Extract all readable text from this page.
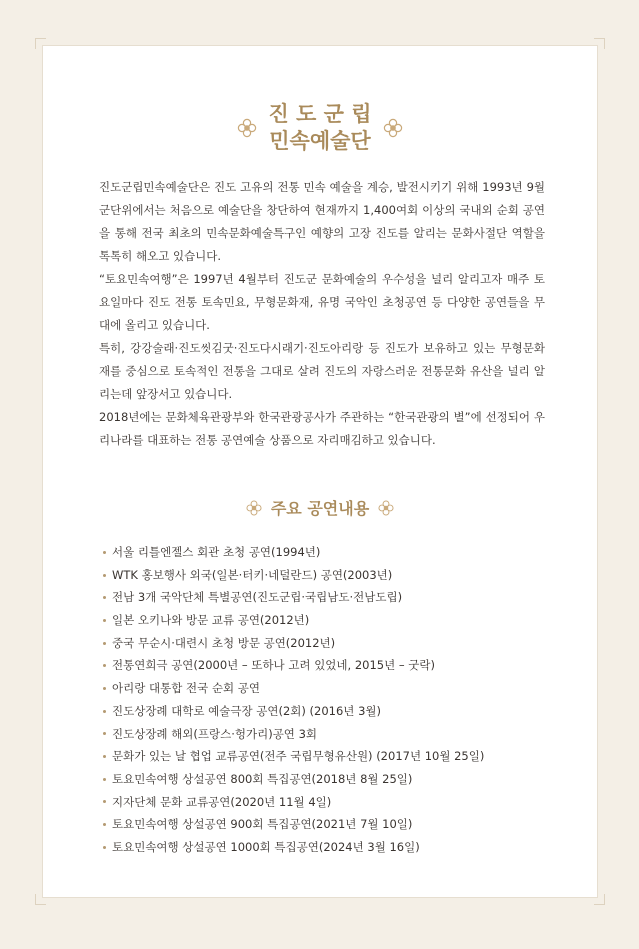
진 도 군 립
민속예술단

진도군립민속예술단은 진도 고유의 전통 민속 예술을 계승, 발전시키기 위해 1993년 9월 군단위에서는 처음으로 예술단을 창단하여 현재까지 1,400여회 이상의 국내외 순회 공연을 통해 전국 최초의 민속문화예술특구인 예향의 고장 진도를 알리는 문화사절단 역할을 톡톡히 해오고 있습니다.

“토요민속여행”은 1997년 4월부터 진도군 문화예술의 우수성을 널리 알리고자 매주 토요일마다 진도 전통 토속민요, 무형문화재, 유명 국악인 초청공연 등 다양한 공연들을 무대에 올리고 있습니다.

특히, 강강술래·진도씻김굿·진도다시래기·진도아리랑 등 진도가 보유하고 있는 무형문화재를 중심으로 토속적인 전통을 그대로 살려 진도의 자랑스러운 전통문화 유산을 널리 알리는데 앞장서고 있습니다.

2018년에는 문화체육관광부와 한국관광공사가 주관하는 “한국관광의 별”에 선정되어 우리나라를 대표하는 전통 공연예술 상품으로 자리매김하고 있습니다.

주요 공연내용
서울 리틀엔젤스 회관 초청 공연(1994년)
WTK 홍보행사 외국(일본·터키·네덜란드) 공연(2003년)
전남 3개 국악단체 특별공연(진도군립·국립남도·전남도립)
일본 오키나와 방문 교류 공연(2012년)
중국 무순시·대련시 초청 방문 공연(2012년)
전통연희극 공연(2000년 – 또하나 고려 있었네, 2015년 – 굿락)
아리랑 대통합 전국 순회 공연
진도상장례 대학로 예술극장 공연(2회) (2016년 3월)
진도상장례 해외(프랑스·헝가리)공연 3회
문화가 있는 날 협업 교류공연(전주 국립무형유산원) (2017년 10월 25일)
토요민속여행 상설공연 800회 특집공연(2018년 8월 25일)
지자단체 문화 교류공연(2020년 11월 4일)
토요민속여행 상설공연 900회 특집공연(2021년 7월 10일)
토요민속여행 상설공연 1000회 특집공연(2024년 3월 16일)
